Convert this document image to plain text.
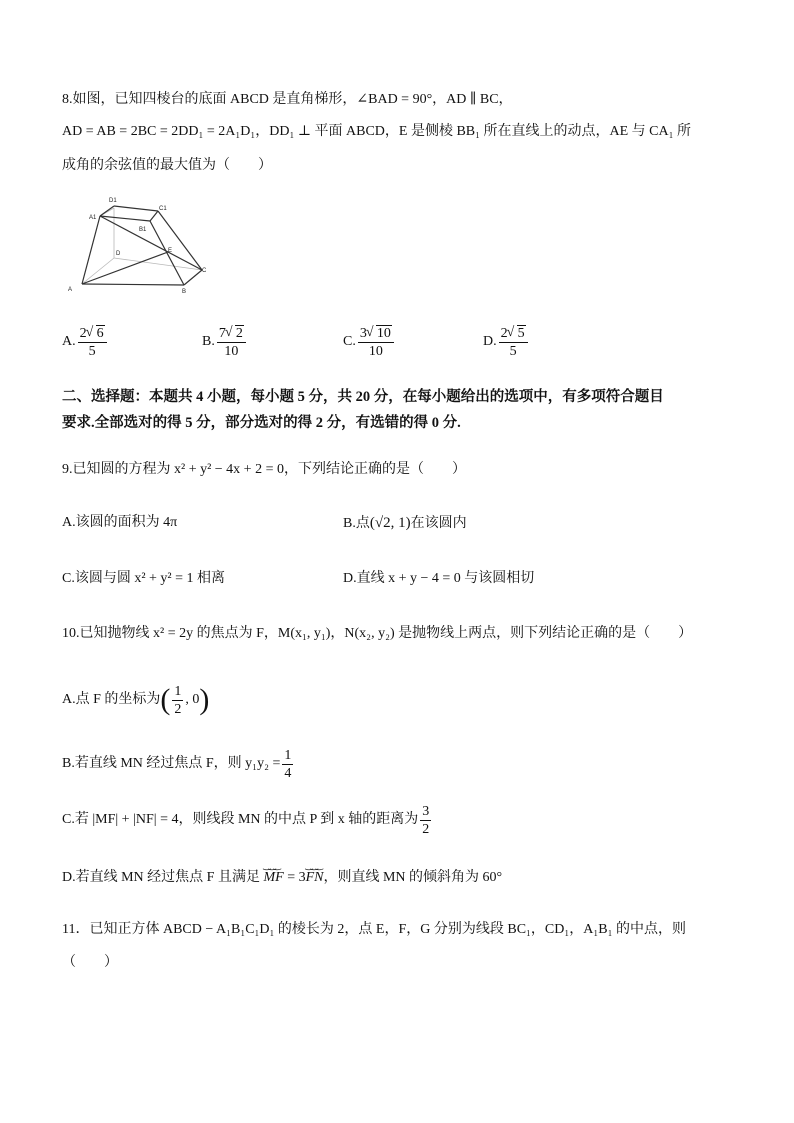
8.如图，已知四棱台的底面 ABCD 是直角梯形，∠BAD = 90°，AD ∥ BC，
AD = AB = 2BC = 2DD₁ = 2A₁D₁，DD₁ ⊥ 平面 ABCD，E 是侧棱 BB₁ 所在直线上的动点，AE 与 CA₁ 所
成角的余弦值的最大值为（　　）
D1
A1
C1
B1
D	E
C
A	B
A. $\frac{2 √ 6}{5}$	B. $\frac{7 √ 2}{10}$	C. $\frac{3 √ 10}{10}$	D. $\frac{2 √ 5}{5}$
二、选择题：本题共 4 小题，每小题 5 分，共 20 分，在每小题给出的选项中，有多项符合题目
要求.全部选对的得 5 分，部分选对的得 2 分，有选错的得 0 分.
9.已知圆的方程为 x² + y² − 4x + 2 = 0，下列结论正确的是（　　）
A.该圆的面积为 4π	B.点(√2, 1)在该圆内
C.该圆与圆 x² + y² = 1 相离	D.直线 x + y − 4 = 0 与该圆相切
10.已知抛物线 x² = 2y 的焦点为 F，M(x₁, y₁)，N(x₂, y₂) 是抛物线上两点，则下列结论正确的是（　　）
A.点 F 的坐标为 ( $\frac{1}{2}$ , 0 )
B.若直线 MN 经过焦点 F，则 $y_1y_2 = \frac{1}{4}$
C.若 |MF| + |NF| = 4，则线段 MN 的中点 P 到 x 轴的距离为 $\frac{3}{2}$
D.若直线 MN 经过焦点 F 且满足 ‿‿‿ MF = 3‿‿‿ FN，则直线 MN 的倾斜角为 60°
11．已知正方体 ABCD − A₁B₁C₁D₁ 的棱长为 2，点 E，F，G 分别为线段 BC₁，CD₁，A₁B₁ 的中点，则
（　　）
